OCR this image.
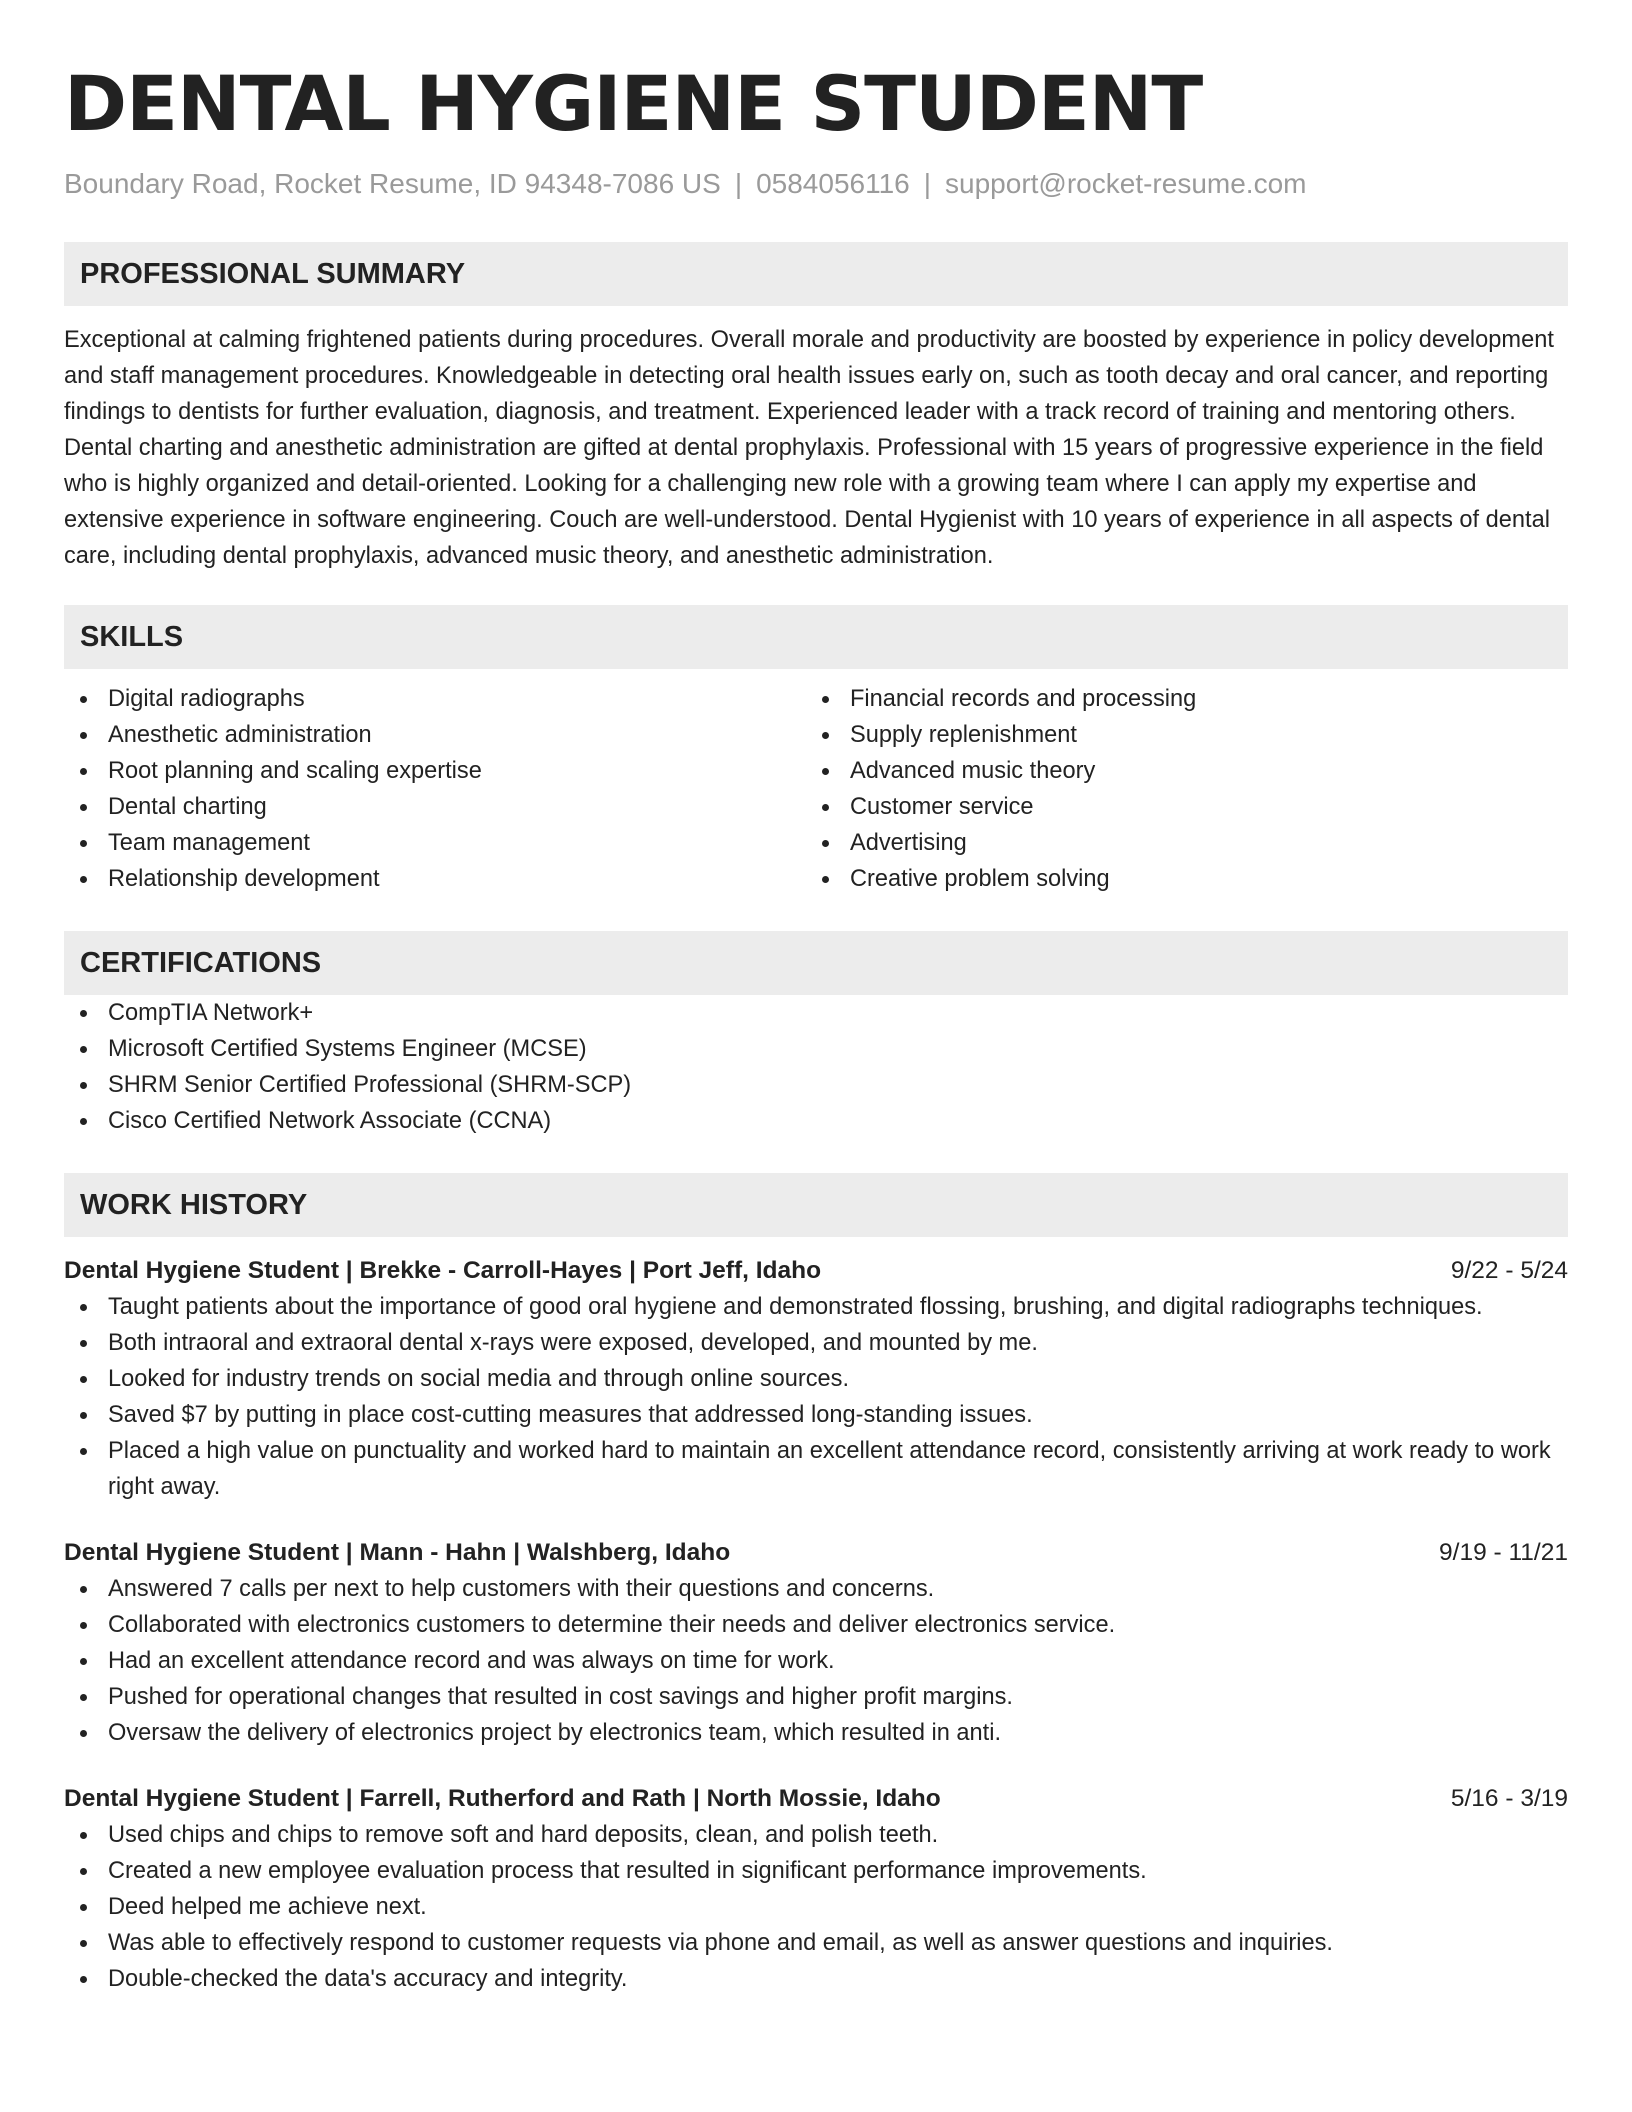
DENTAL HYGIENE STUDENT
Boundary Road, Rocket Resume, ID 94348-7086 US | 0584056116 | support@rocket-resume.com
PROFESSIONAL SUMMARY
Exceptional at calming frightened patients during procedures. Overall morale and productivity are boosted by experience in policy development and staff management procedures. Knowledgeable in detecting oral health issues early on, such as tooth decay and oral cancer, and reporting findings to dentists for further evaluation, diagnosis, and treatment. Experienced leader with a track record of training and mentoring others. Dental charting and anesthetic administration are gifted at dental prophylaxis. Professional with 15 years of progressive experience in the field who is highly organized and detail-oriented. Looking for a challenging new role with a growing team where I can apply my expertise and extensive experience in software engineering. Couch are well-understood. Dental Hygienist with 10 years of experience in all aspects of dental care, including dental prophylaxis, advanced music theory, and anesthetic administration.
SKILLS
Digital radiographs
Anesthetic administration
Root planning and scaling expertise
Dental charting
Team management
Relationship development
Financial records and processing
Supply replenishment
Advanced music theory
Customer service
Advertising
Creative problem solving
CERTIFICATIONS
CompTIA Network+
Microsoft Certified Systems Engineer (MCSE)
SHRM Senior Certified Professional (SHRM-SCP)
Cisco Certified Network Associate (CCNA)
WORK HISTORY
Dental Hygiene Student | Brekke - Carroll-Hayes | Port Jeff, Idaho	9/22 - 5/24
Taught patients about the importance of good oral hygiene and demonstrated flossing, brushing, and digital radiographs techniques.
Both intraoral and extraoral dental x-rays were exposed, developed, and mounted by me.
Looked for industry trends on social media and through online sources.
Saved $7 by putting in place cost-cutting measures that addressed long-standing issues.
Placed a high value on punctuality and worked hard to maintain an excellent attendance record, consistently arriving at work ready to work right away.
Dental Hygiene Student | Mann - Hahn | Walshberg, Idaho	9/19 - 11/21
Answered 7 calls per next to help customers with their questions and concerns.
Collaborated with electronics customers to determine their needs and deliver electronics service.
Had an excellent attendance record and was always on time for work.
Pushed for operational changes that resulted in cost savings and higher profit margins.
Oversaw the delivery of electronics project by electronics team, which resulted in anti.
Dental Hygiene Student | Farrell, Rutherford and Rath | North Mossie, Idaho	5/16 - 3/19
Used chips and chips to remove soft and hard deposits, clean, and polish teeth.
Created a new employee evaluation process that resulted in significant performance improvements.
Deed helped me achieve next.
Was able to effectively respond to customer requests via phone and email, as well as answer questions and inquiries.
Double-checked the data's accuracy and integrity.
